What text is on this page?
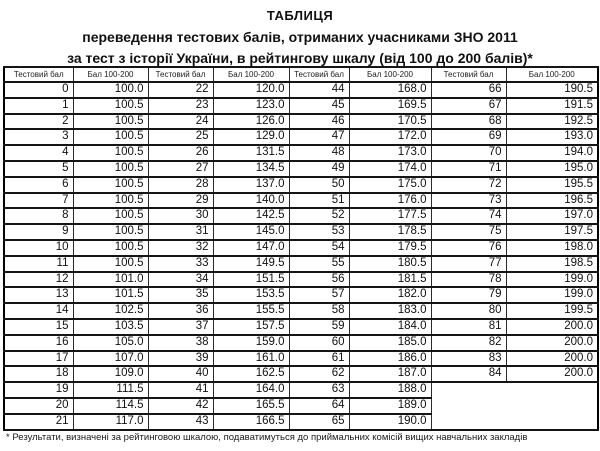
ТАБЛИЦЯ
переведення тестових балів, отриманих учасниками ЗНО 2011
за тест з історії України, в рейтингову шкалу (від 100 до 200 балів)*
Тестовий бал	Бал 100-200	Тестовий бал	Бал 100-200	Тестовий бал	Бал 100-200	Тестовий бал	Бал 100-200
0	100.0	22	120.0	44	168.0	66	190.5
1	100.5	23	123.0	45	169.5	67	191.5
2	100.5	24	126.0	46	170.5	68	192.5
3	100.5	25	129.0	47	172.0	69	193.0
4	100.5	26	131.5	48	173.0	70	194.0
5	100.5	27	134.5	49	174.0	71	195.0
6	100.5	28	137.0	50	175.0	72	195.5
7	100.5	29	140.0	51	176.0	73	196.5
8	100.5	30	142.5	52	177.5	74	197.0
9	100.5	31	145.0	53	178.5	75	197.5
10	100.5	32	147.0	54	179.5	76	198.0
11	100.5	33	149.5	55	180.5	77	198.5
12	101.0	34	151.5	56	181.5	78	199.0
13	101.5	35	153.5	57	182.0	79	199.0
14	102.5	36	155.5	58	183.0	80	199.5
15	103.5	37	157.5	59	184.0	81	200.0
16	105.0	38	159.0	60	185.0	82	200.0
17	107.0	39	161.0	61	186.0	83	200.0
18	109.0	40	162.5	62	187.0	84	200.0
19	111.5	41	164.0	63	188.0		
20	114.5	42	165.5	64	189.0		
21	117.0	43	166.5	65	190.0		
* Результати, визначені за рейтинговою шкалою, подаватимуться до приймальних комісій вищих навчальних закладів
